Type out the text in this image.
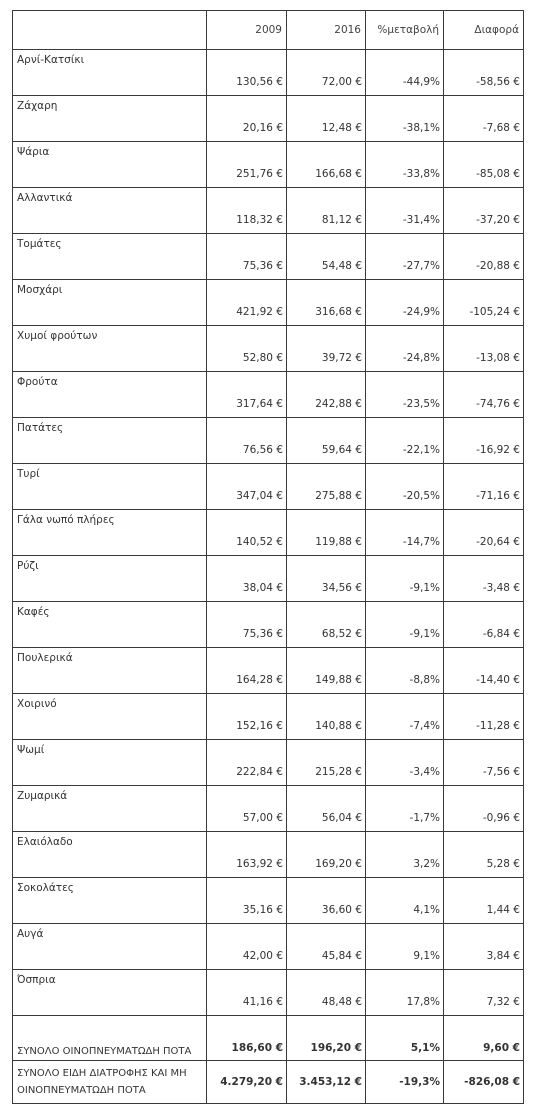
	2009	2016	%μεταβολή	Διαφορά
Αρνί-Κατσίκι	130,56 €	72,00 €	-44,9%	-58,56 €
Ζάχαρη	20,16 €	12,48 €	-38,1%	-7,68 €
Ψάρια	251,76 €	166,68 €	-33,8%	-85,08 €
Αλλαντικά	118,32 €	81,12 €	-31,4%	-37,20 €
Τομάτες	75,36 €	54,48 €	-27,7%	-20,88 €
Μοσχάρι	421,92 €	316,68 €	-24,9%	-105,24 €
Χυμοί φρούτων	52,80 €	39,72 €	-24,8%	-13,08 €
Φρούτα	317,64 €	242,88 €	-23,5%	-74,76 €
Πατάτες	76,56 €	59,64 €	-22,1%	-16,92 €
Τυρί	347,04 €	275,88 €	-20,5%	-71,16 €
Γάλα νωπό πλήρες	140,52 €	119,88 €	-14,7%	-20,64 €
Ρύζι	38,04 €	34,56 €	-9,1%	-3,48 €
Καφές	75,36 €	68,52 €	-9,1%	-6,84 €
Πουλερικά	164,28 €	149,88 €	-8,8%	-14,40 €
Χοιρινό	152,16 €	140,88 €	-7,4%	-11,28 €
Ψωμί	222,84 €	215,28 €	-3,4%	-7,56 €
Ζυμαρικά	57,00 €	56,04 €	-1,7%	-0,96 €
Ελαιόλαδο	163,92 €	169,20 €	3,2%	5,28 €
Σοκολάτες	35,16 €	36,60 €	4,1%	1,44 €
Αυγά	42,00 €	45,84 €	9,1%	3,84 €
Όσπρια	41,16 €	48,48 €	17,8%	7,32 €
ΣΥΝΟΛΟ ΟΙΝΟΠΝΕΥΜΑΤΩΔΗ ΠΟΤΑ	186,60 €	196,20 €	5,1%	9,60 €
ΣΥΝΟΛΟ ΕΙΔΗ ΔΙΑΤΡΟΦΗΣ ΚΑΙ ΜΗ ΟΙΝΟΠΝΕΥΜΑΤΩΔΗ ΠΟΤΑ	4.279,20 €	3.453,12 €	-19,3%	-826,08 €
